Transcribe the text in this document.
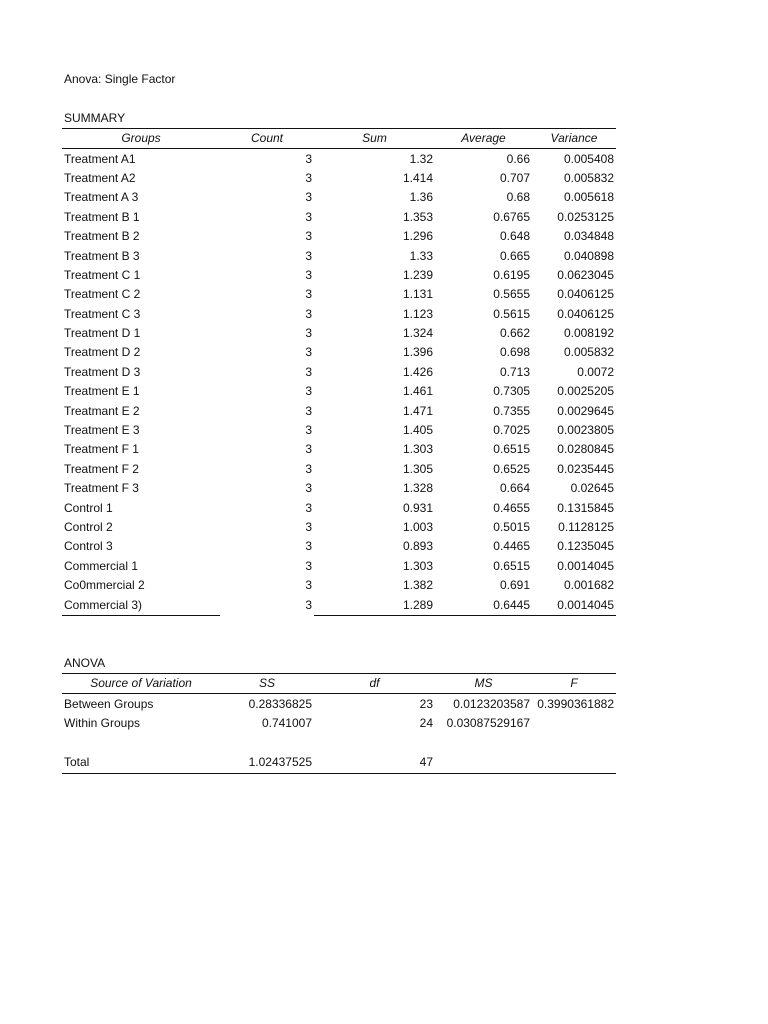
Anova: Single Factor
SUMMARY
Groups	Count	Sum	Average	Variance
Treatment A1	3	1.32	0.66	0.005408
Treatment A2	3	1.414	0.707	0.005832
Treatment A 3	3	1.36	0.68	0.005618
Treatment B 1	3	1.353	0.6765	0.0253125
Treatment B 2	3	1.296	0.648	0.034848
Treatment B 3	3	1.33	0.665	0.040898
Treatment C 1	3	1.239	0.6195	0.0623045
Treatment C 2	3	1.131	0.5655	0.0406125
Treatment C 3	3	1.123	0.5615	0.0406125
Treatment D 1	3	1.324	0.662	0.008192
Treatment D 2	3	1.396	0.698	0.005832
Treatment D 3	3	1.426	0.713	0.0072
Treatment E 1	3	1.461	0.7305	0.0025205
Treatmant E 2	3	1.471	0.7355	0.0029645
Treatment E 3	3	1.405	0.7025	0.0023805
Treatment F 1	3	1.303	0.6515	0.0280845
Treatment F 2	3	1.305	0.6525	0.0235445
Treatment F 3	3	1.328	0.664	0.02645
Control 1	3	0.931	0.4655	0.1315845
Control 2	3	1.003	0.5015	0.1128125
Control 3	3	0.893	0.4465	0.1235045
Commercial 1	3	1.303	0.6515	0.0014045
Co0mmercial 2	3	1.382	0.691	0.001682
Commercial 3)	3	1.289	0.6445	0.0014045
ANOVA
Source of Variation	SS	df	MS	F
Between Groups	0.28336825	23	0.0123203587	0.3990361882
Within Groups	0.741007	24	0.03087529167	

Total	1.02437525	47		
